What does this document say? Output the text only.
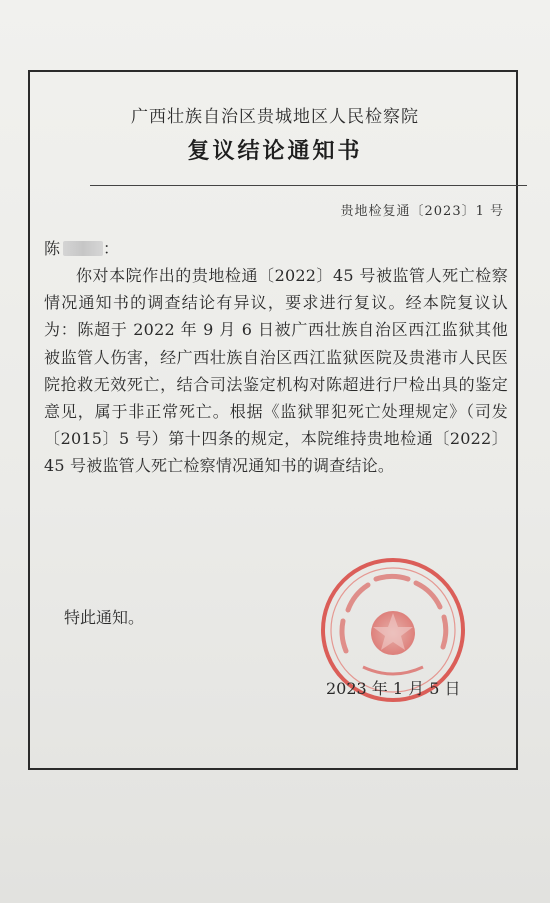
广西壮族自治区贵城地区人民检察院
复议结论通知书
贵地检复通〔2023〕1 号
陈	：
你对本院作出的贵地检通〔2022〕45 号被监管人死亡检察情况通知书的调查结论有异议，要求进行复议。经本院复议认为：陈超于 2022 年 9 月 6 日被广西壮族自治区西江监狱其他被监管人伤害，经广西壮族自治区西江监狱医院及贵港市人民医院抢救无效死亡，结合司法鉴定机构对陈超进行尸检出具的鉴定意见，属于非正常死亡。根据《监狱罪犯死亡处理规定》（司发〔2015〕5 号）第十四条的规定，本院维持贵地检通〔2022〕45 号被监管人死亡检察情况通知书的调查结论。
特此通知。
2023 年 1 月 5 日
